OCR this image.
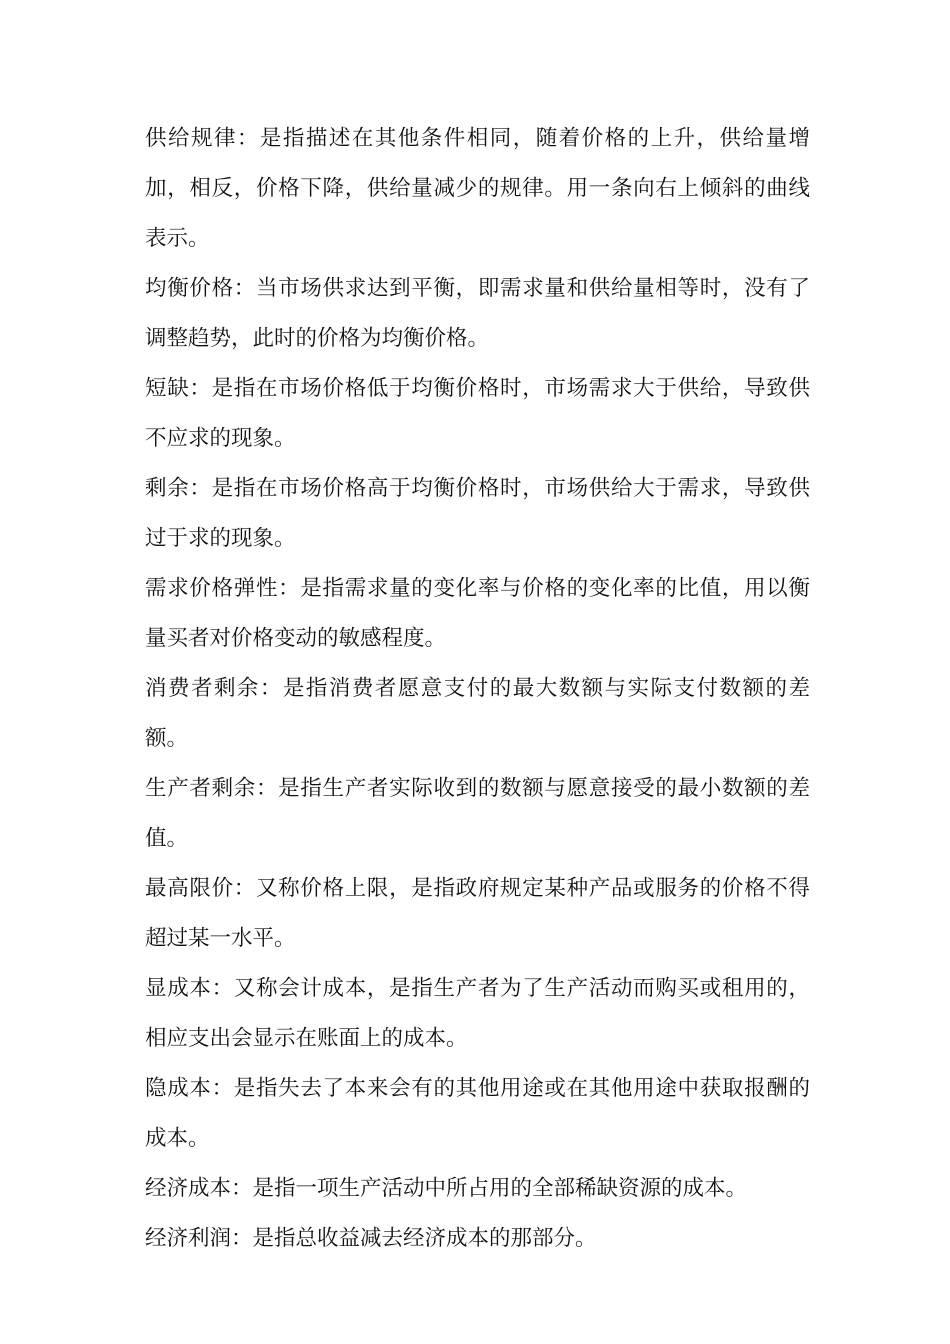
供给规律：是指描述在其他条件相同，随着价格的上升，供给量增加，相反，价格下降，供给量减少的规律。用一条向右上倾斜的曲线表示。

均衡价格：当市场供求达到平衡，即需求量和供给量相等时，没有了调整趋势，此时的价格为均衡价格。

短缺：是指在市场价格低于均衡价格时，市场需求大于供给，导致供不应求的现象。

剩余：是指在市场价格高于均衡价格时，市场供给大于需求，导致供过于求的现象。

需求价格弹性：是指需求量的变化率与价格的变化率的比值，用以衡量买者对价格变动的敏感程度。

消费者剩余：是指消费者愿意支付的最大数额与实际支付数额的差额。

生产者剩余：是指生产者实际收到的数额与愿意接受的最小数额的差值。

最高限价：又称价格上限，是指政府规定某种产品或服务的价格不得超过某一水平。

显成本：又称会计成本，是指生产者为了生产活动而购买或租用的，相应支出会显示在账面上的成本。

隐成本：是指失去了本来会有的其他用途或在其他用途中获取报酬的成本。

经济成本：是指一项生产活动中所占用的全部稀缺资源的成本。

经济利润：是指总收益减去经济成本的那部分。
